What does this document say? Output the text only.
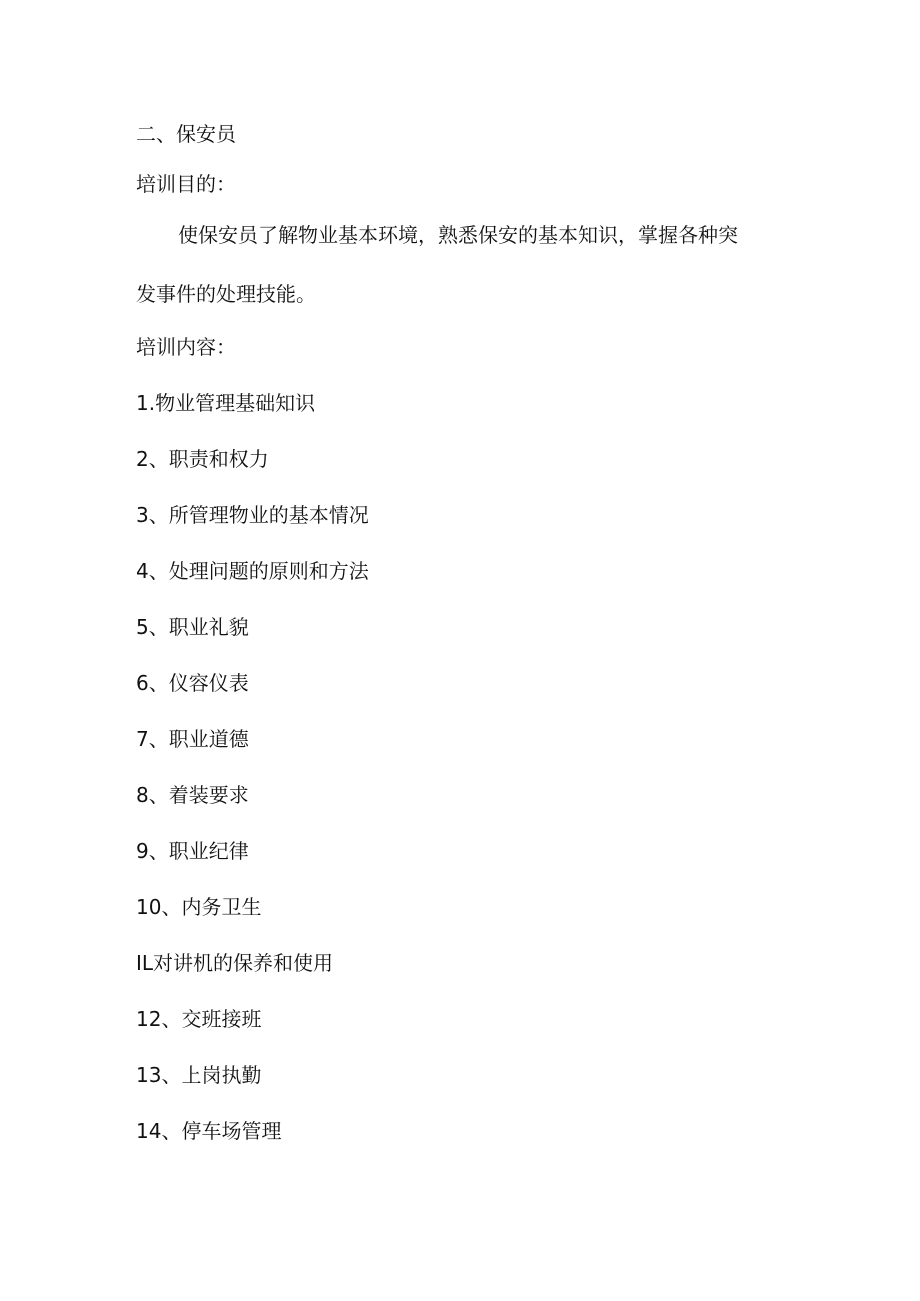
二、保安员
培训目的：
使保安员了解物业基本环境，熟悉保安的基本知识，掌握各种突
发事件的处理技能。
培训内容：
1.物业管理基础知识
2、职责和权力
3、所管理物业的基本情况
4、处理问题的原则和方法
5、职业礼貌
6、仪容仪表
7、职业道德
8、着装要求
9、职业纪律
10、内务卫生
IL对讲机的保养和使用
12、交班接班
13、上岗执勤
14、停车场管理
